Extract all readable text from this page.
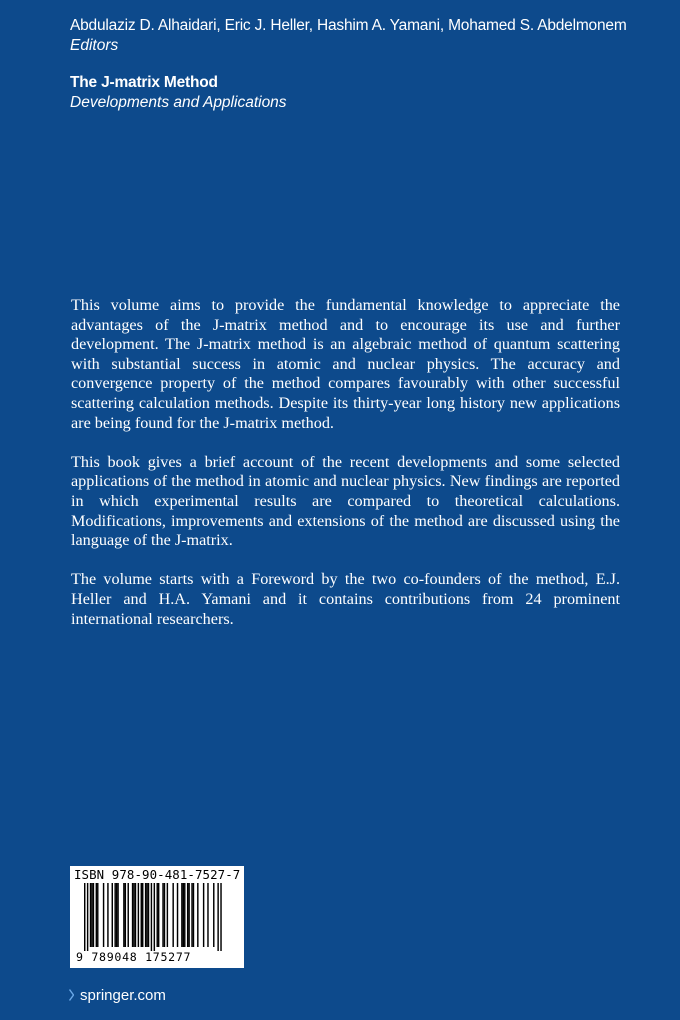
Abdulaziz D. Alhaidari, Eric J. Heller, Hashim A. Yamani, Mohamed S. Abdelmonem
Editors
The J-matrix Method
Developments and Applications

This volume aims to provide the fundamental knowledge to appreciate the advantages of the J-matrix method and to encourage its use and further development. The J-matrix method is an algebraic method of quantum scattering with substantial success in atomic and nuclear physics. The accuracy and convergence property of the method compares favourably with other successful scattering calculation methods. Despite its thirty-year long history new applications are being found for the J-matrix method.

This book gives a brief account of the recent developments and some selected applications of the method in atomic and nuclear physics. New findings are reported in which experimental results are compared to theoretical calculations. Modifications, improvements and extensions of the method are discussed using the language of the J-matrix.

The volume starts with a Foreword by the two co-founders of the method, E.J. Heller and H.A. Yamani and it contains contributions from 24 prominent international researchers.

ISBN 978-90-481-7527-7
9 789048 175277
springer.com
